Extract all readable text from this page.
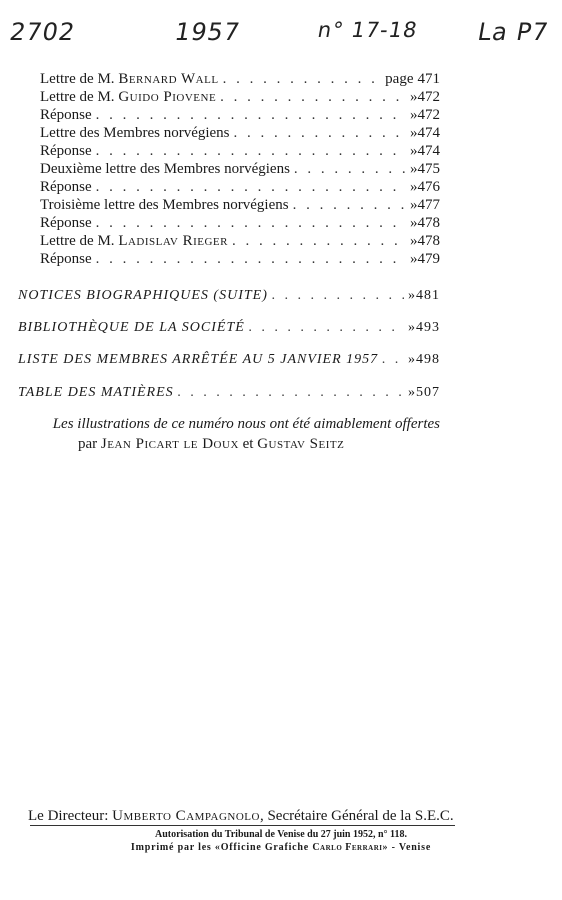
2702	1957	n° 17-18 La P7
Lettre de M. Bernard Wall . . .	page 471
Lettre de M. Guido Piovene . . .	» 472
Réponse . . .	» 472
Lettre des Membres norvégiens . . .	» 474
Réponse . . .	» 474
Deuxième lettre des Membres norvégiens . . .	» 475
Réponse . . .	» 476
Troisième lettre des Membres norvégiens . . .	» 477
Réponse . . .	» 478
Lettre de M. Ladislav Rieger . . .	» 478
Réponse . . .	» 479
NOTICES BIOGRAPHIQUES (SUITE) . . .	» 481
BIBLIOTHÈQUE DE LA SOCIÉTÉ . . .	» 493
LISTE DES MEMBRES ARRÊTÉE AU 5 JANVIER 1957 . . . » 498
TABLE DES MATIÈRES . . .	» 507
Les illustrations de ce numéro nous ont été aimablement offertes
par Jean Picart le Doux et Gustav Seitz
Le Directeur: Umberto Campagnolo, Secrétaire Général de la S.E.C.
Autorisation du Tribunal de Venise du 27 juin 1952, n° 118.
Imprimé par les «Officine Grafiche Carlo Ferrari» - Venise
